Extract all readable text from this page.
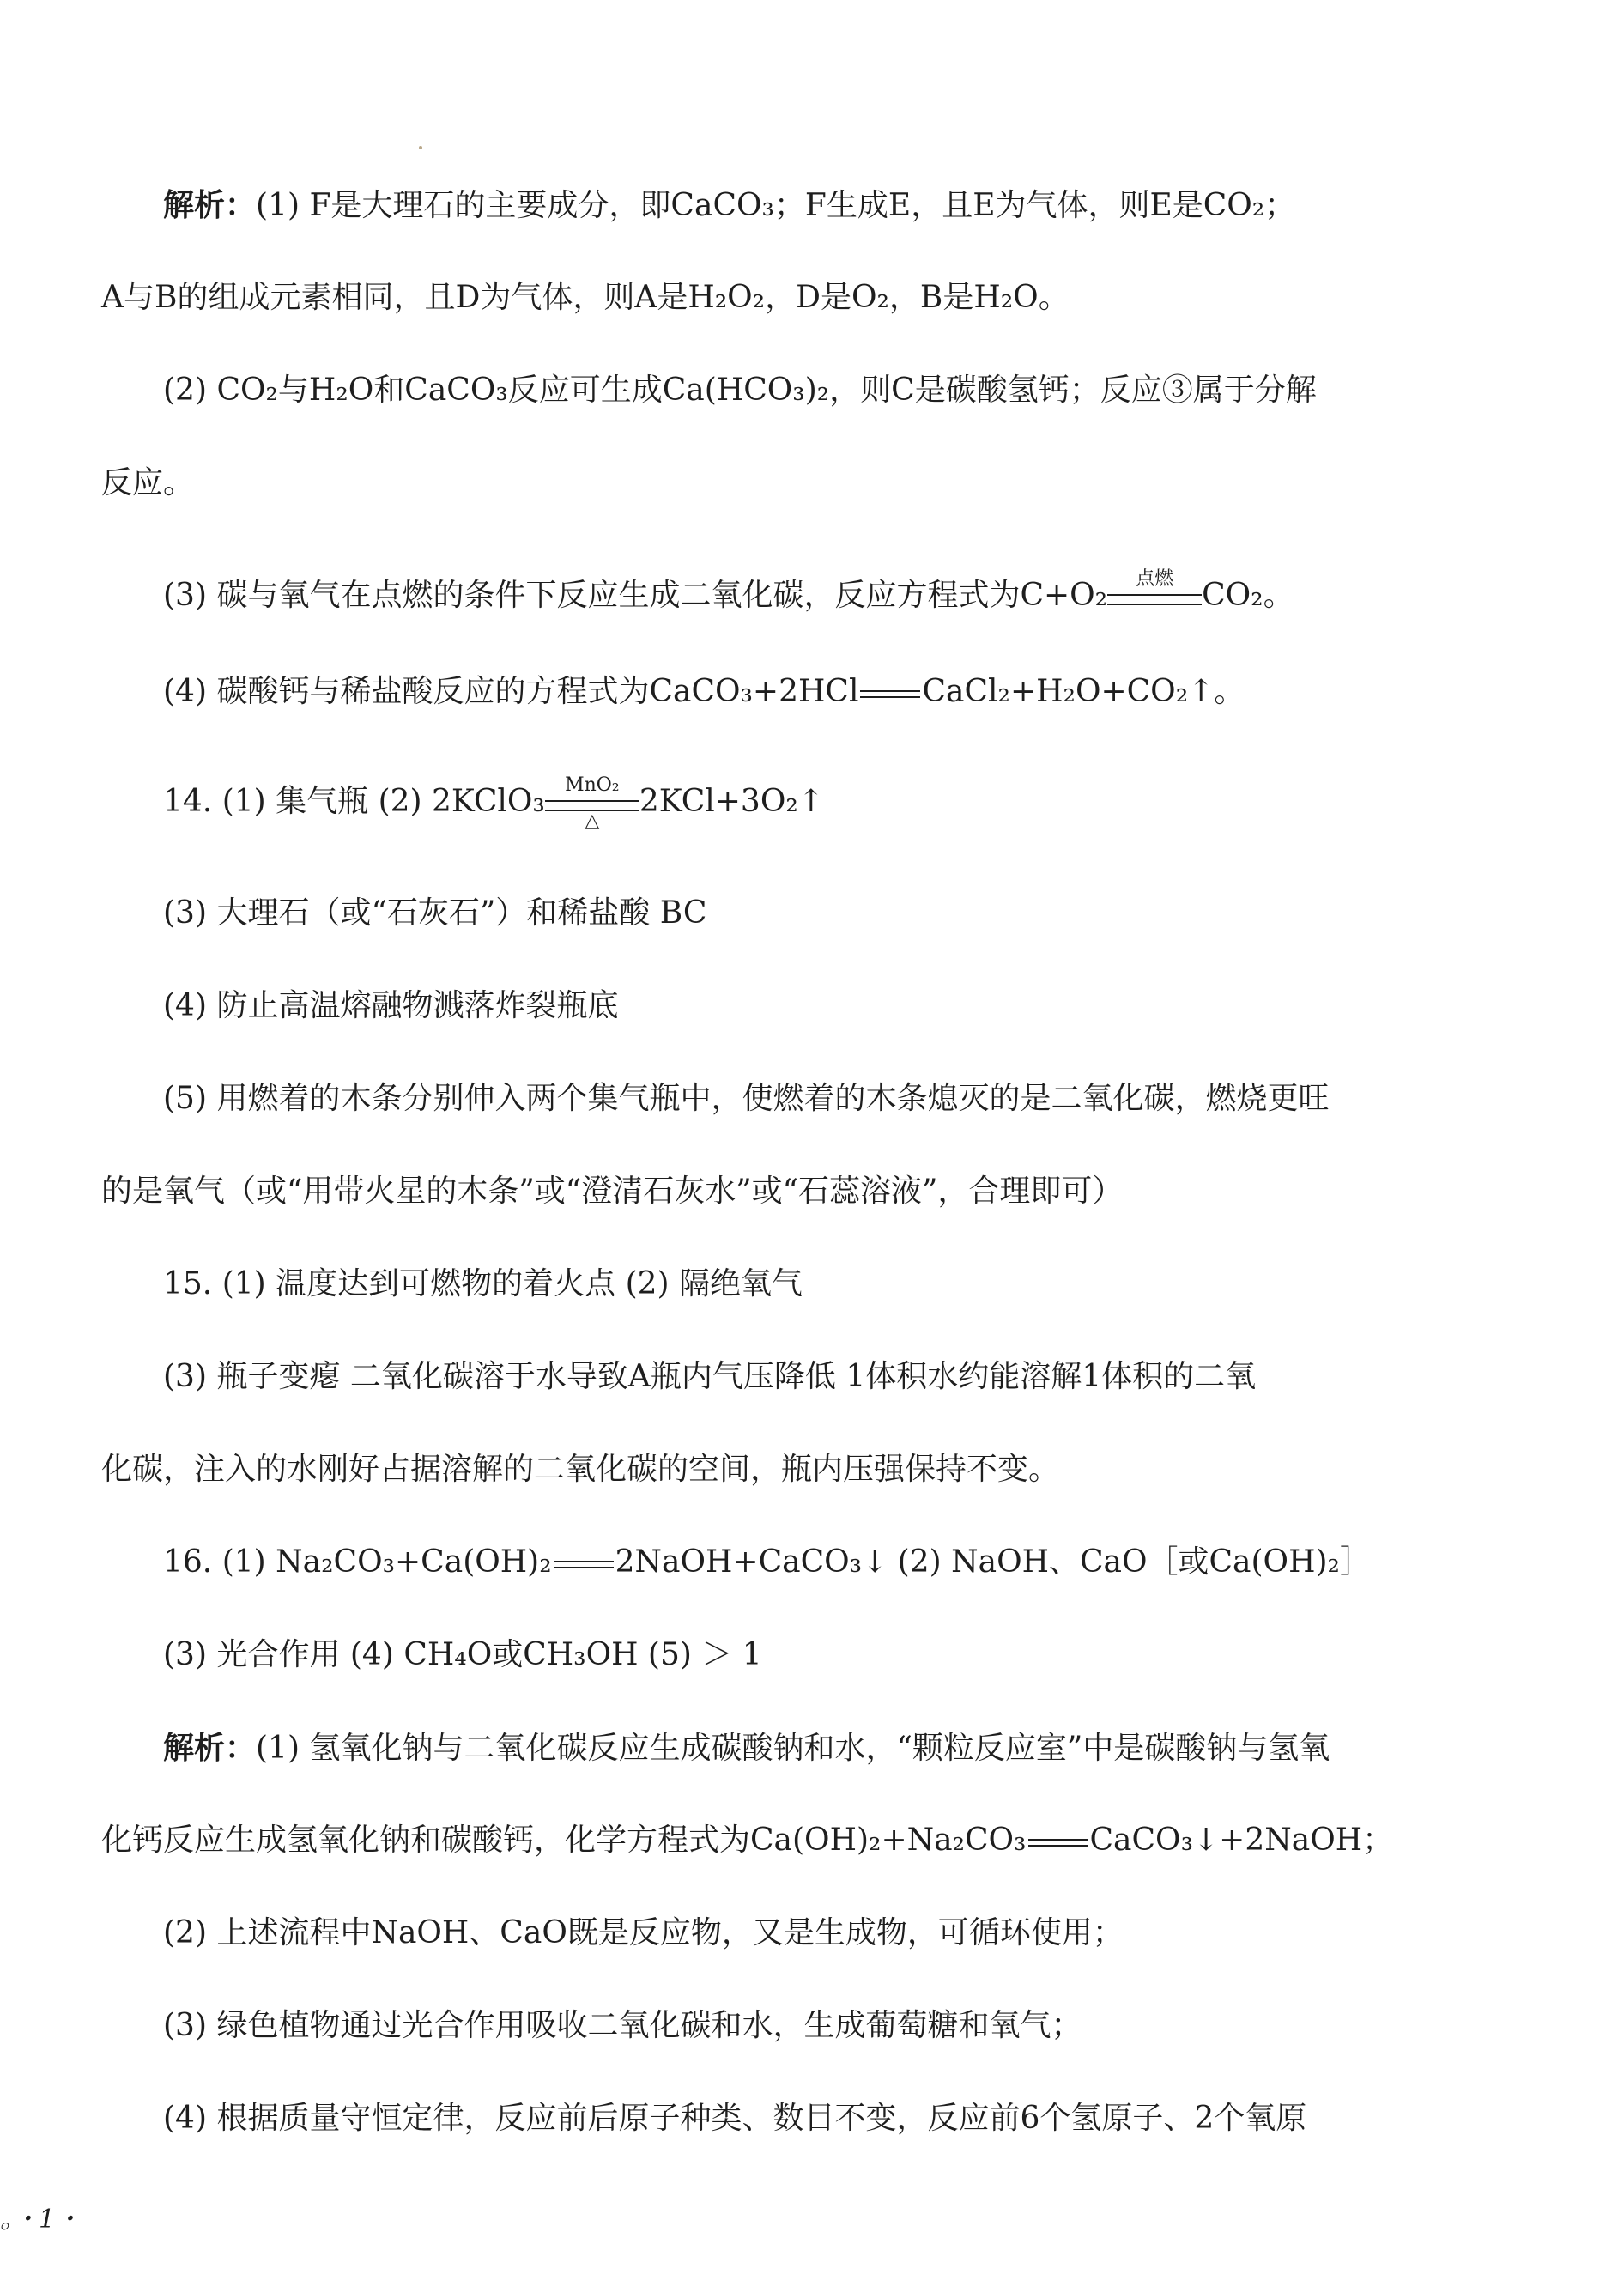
解析：(1) F是大理石的主要成分，即CaCO₃；F生成E，且E为气体，则E是CO₂；
A与B的组成元素相同，且D为气体，则A是H₂O₂，D是O₂，B是H₂O。
(2) CO₂与H₂O和CaCO₃反应可生成Ca(HCO₃)₂，则C是碳酸氢钙；反应③属于分解
反应。
(3) 碳与氧气在点燃的条件下反应生成二氧化碳，反应方程式为C+O₂	点燃 CO₂。
(4) 碳酸钙与稀盐酸反应的方程式为CaCO₃+2HCl CaCl₂+H₂O+CO₂↑。
14. (1) 集气瓶 (2) 2KClO₃	MnO₂
△
2KCl+3O₂↑
(3) 大理石（或“石灰石”）和稀盐酸 BC
(4) 防止高温熔融物溅落炸裂瓶底
(5) 用燃着的木条分别伸入两个集气瓶中，使燃着的木条熄灭的是二氧化碳，燃烧更旺
的是氧气（或“用带火星的木条”或“澄清石灰水”或“石蕊溶液”，合理即可）
15. (1) 温度达到可燃物的着火点 (2) 隔绝氧气
(3) 瓶子变瘪 二氧化碳溶于水导致A瓶内气压降低 1体积水约能溶解1体积的二氧
化碳，注入的水刚好占据溶解的二氧化碳的空间，瓶内压强保持不变。
16. (1) Na₂CO₃+Ca(OH)₂ 2NaOH+CaCO₃↓ (2) NaOH、CaO［或Ca(OH)₂］
(3) 光合作用 (4) CH₄O或CH₃OH (5) ＞ 1
解析：(1) 氢氧化钠与二氧化碳反应生成碳酸钠和水，“颗粒反应室”中是碳酸钠与氢氧
化钙反应生成氢氧化钠和碳酸钙，化学方程式为Ca(OH)₂+Na₂CO₃ CaCO₃↓+2NaOH；
(2) 上述流程中NaOH、CaO既是反应物，又是生成物，可循环使用；
(3) 绿色植物通过光合作用吸收二氧化碳和水，生成葡萄糖和氧气；
(4) 根据质量守恒定律，反应前后原子种类、数目不变，反应前6个氢原子、2个氧原
。・1・
